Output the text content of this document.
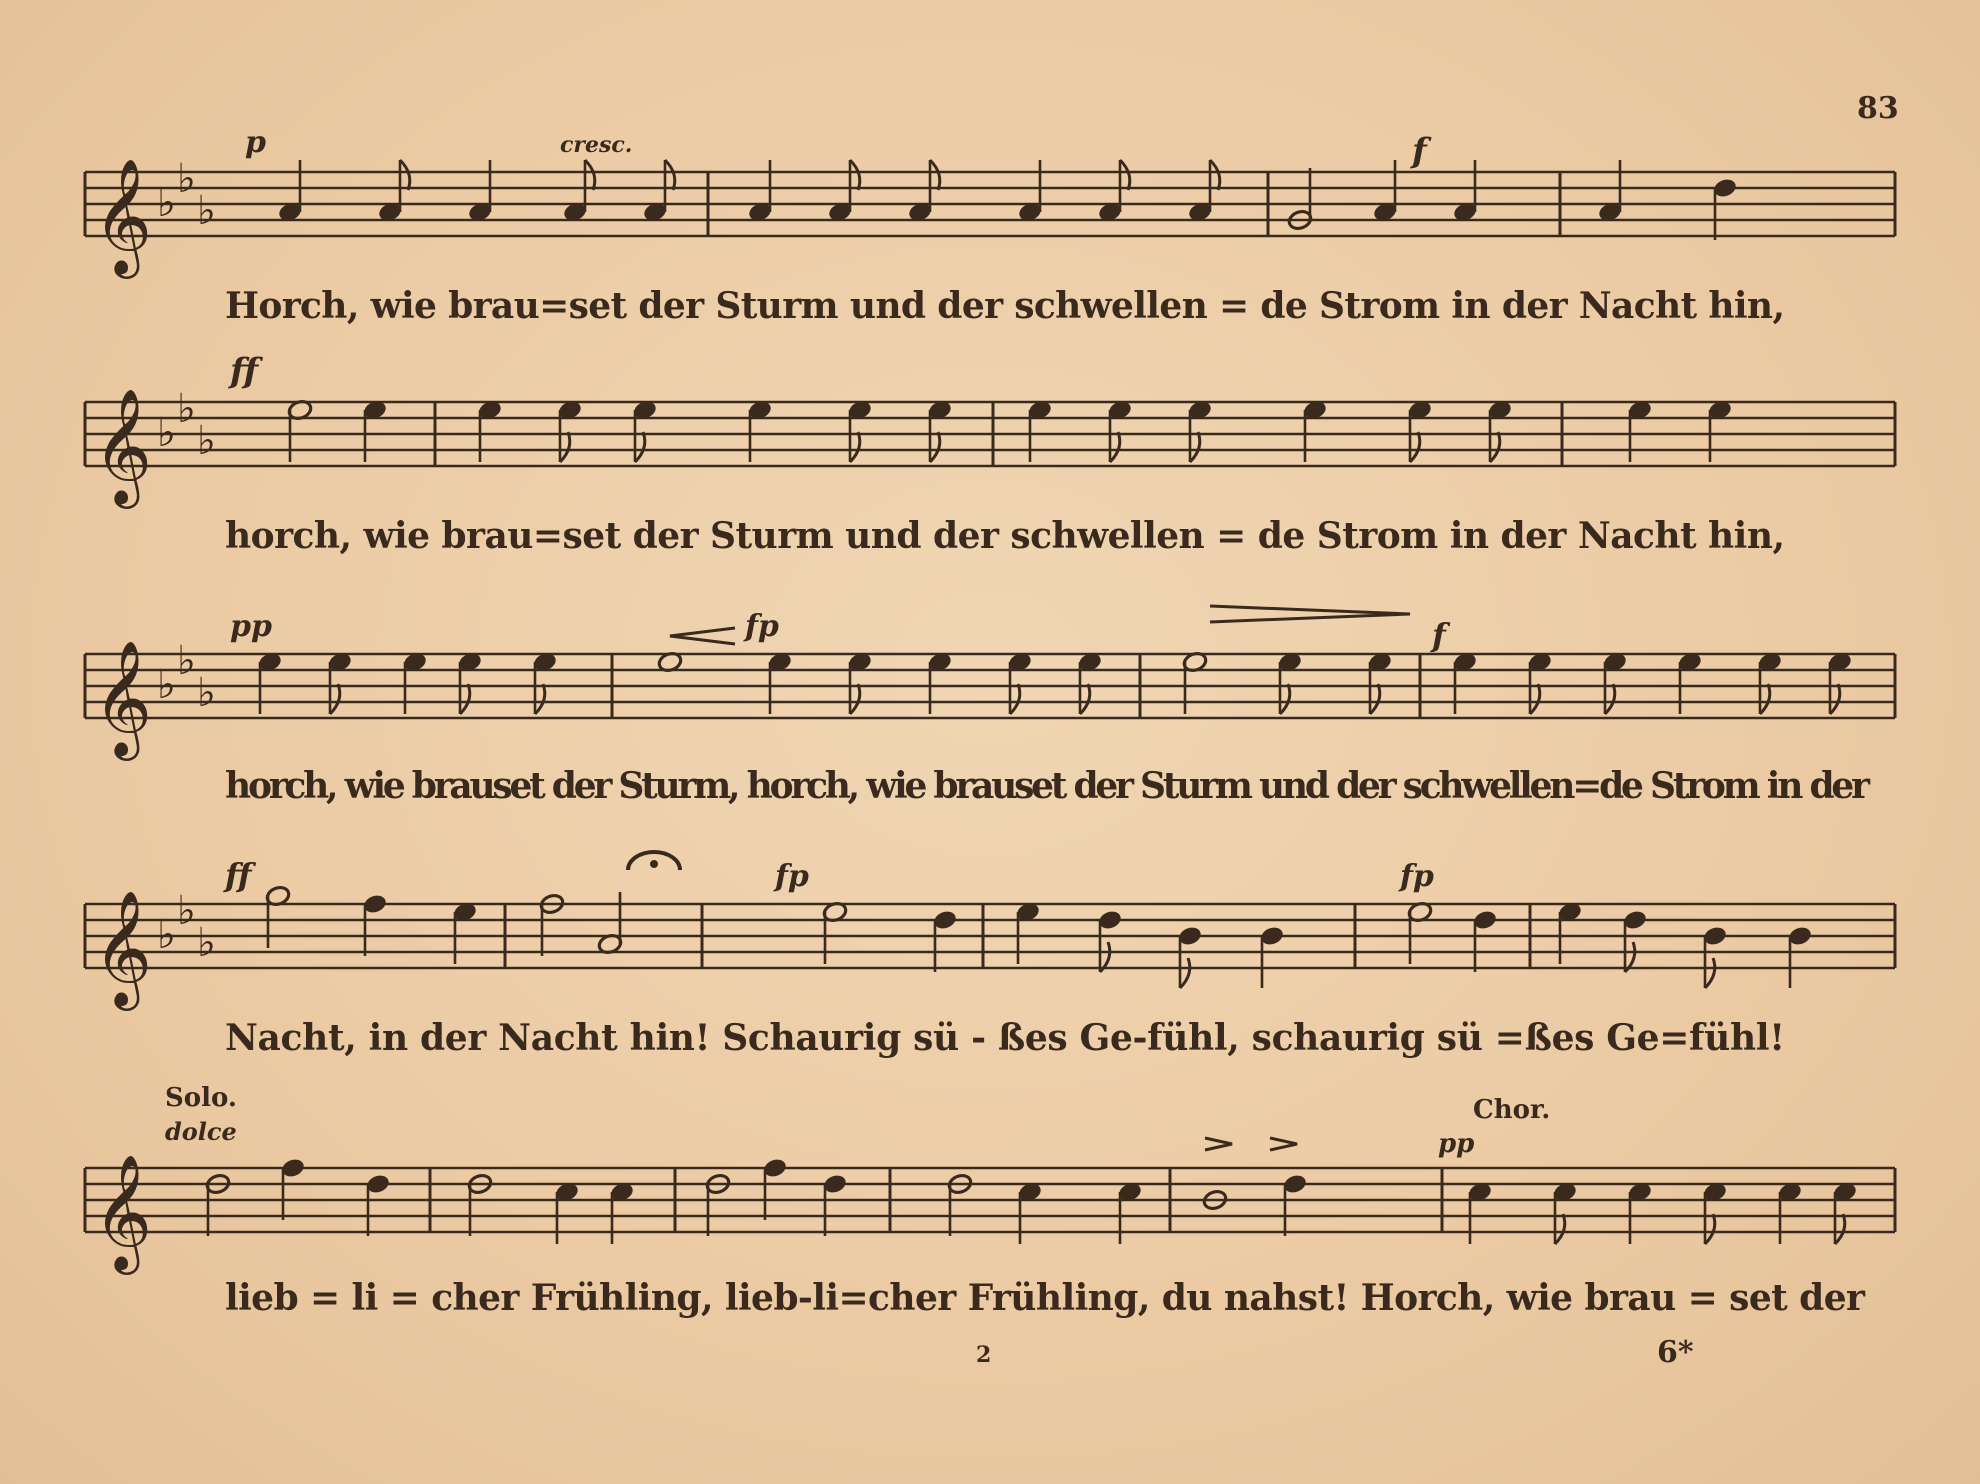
83
𝄞 ♭
♭
♭
p	cresc.	f
Horch, wie brau=set der Sturm und der schwellen = de Strom in der Nacht hin,
𝄞 ♭
♭
♭
ff
horch, wie brau=set der Sturm und der schwellen = de Strom in der Nacht hin,
𝄞 ♭
♭
♭
pp	fp	f
horch, wie brauset der Sturm, horch, wie brauset der Sturm und der schwellen=de Strom in der
𝄞 ♭
♭
♭
ff	fp	fp
Nacht, in der Nacht hin! Schaurig sü - ßes Ge-fühl, schaurig sü =ßes Ge=fühl!
𝄞
Solo.
dolce
Chor.
pp
lieb = li = cher Frühling, lieb-li=cher Frühling, du nahst! Horch, wie brau = set der
2	6*
